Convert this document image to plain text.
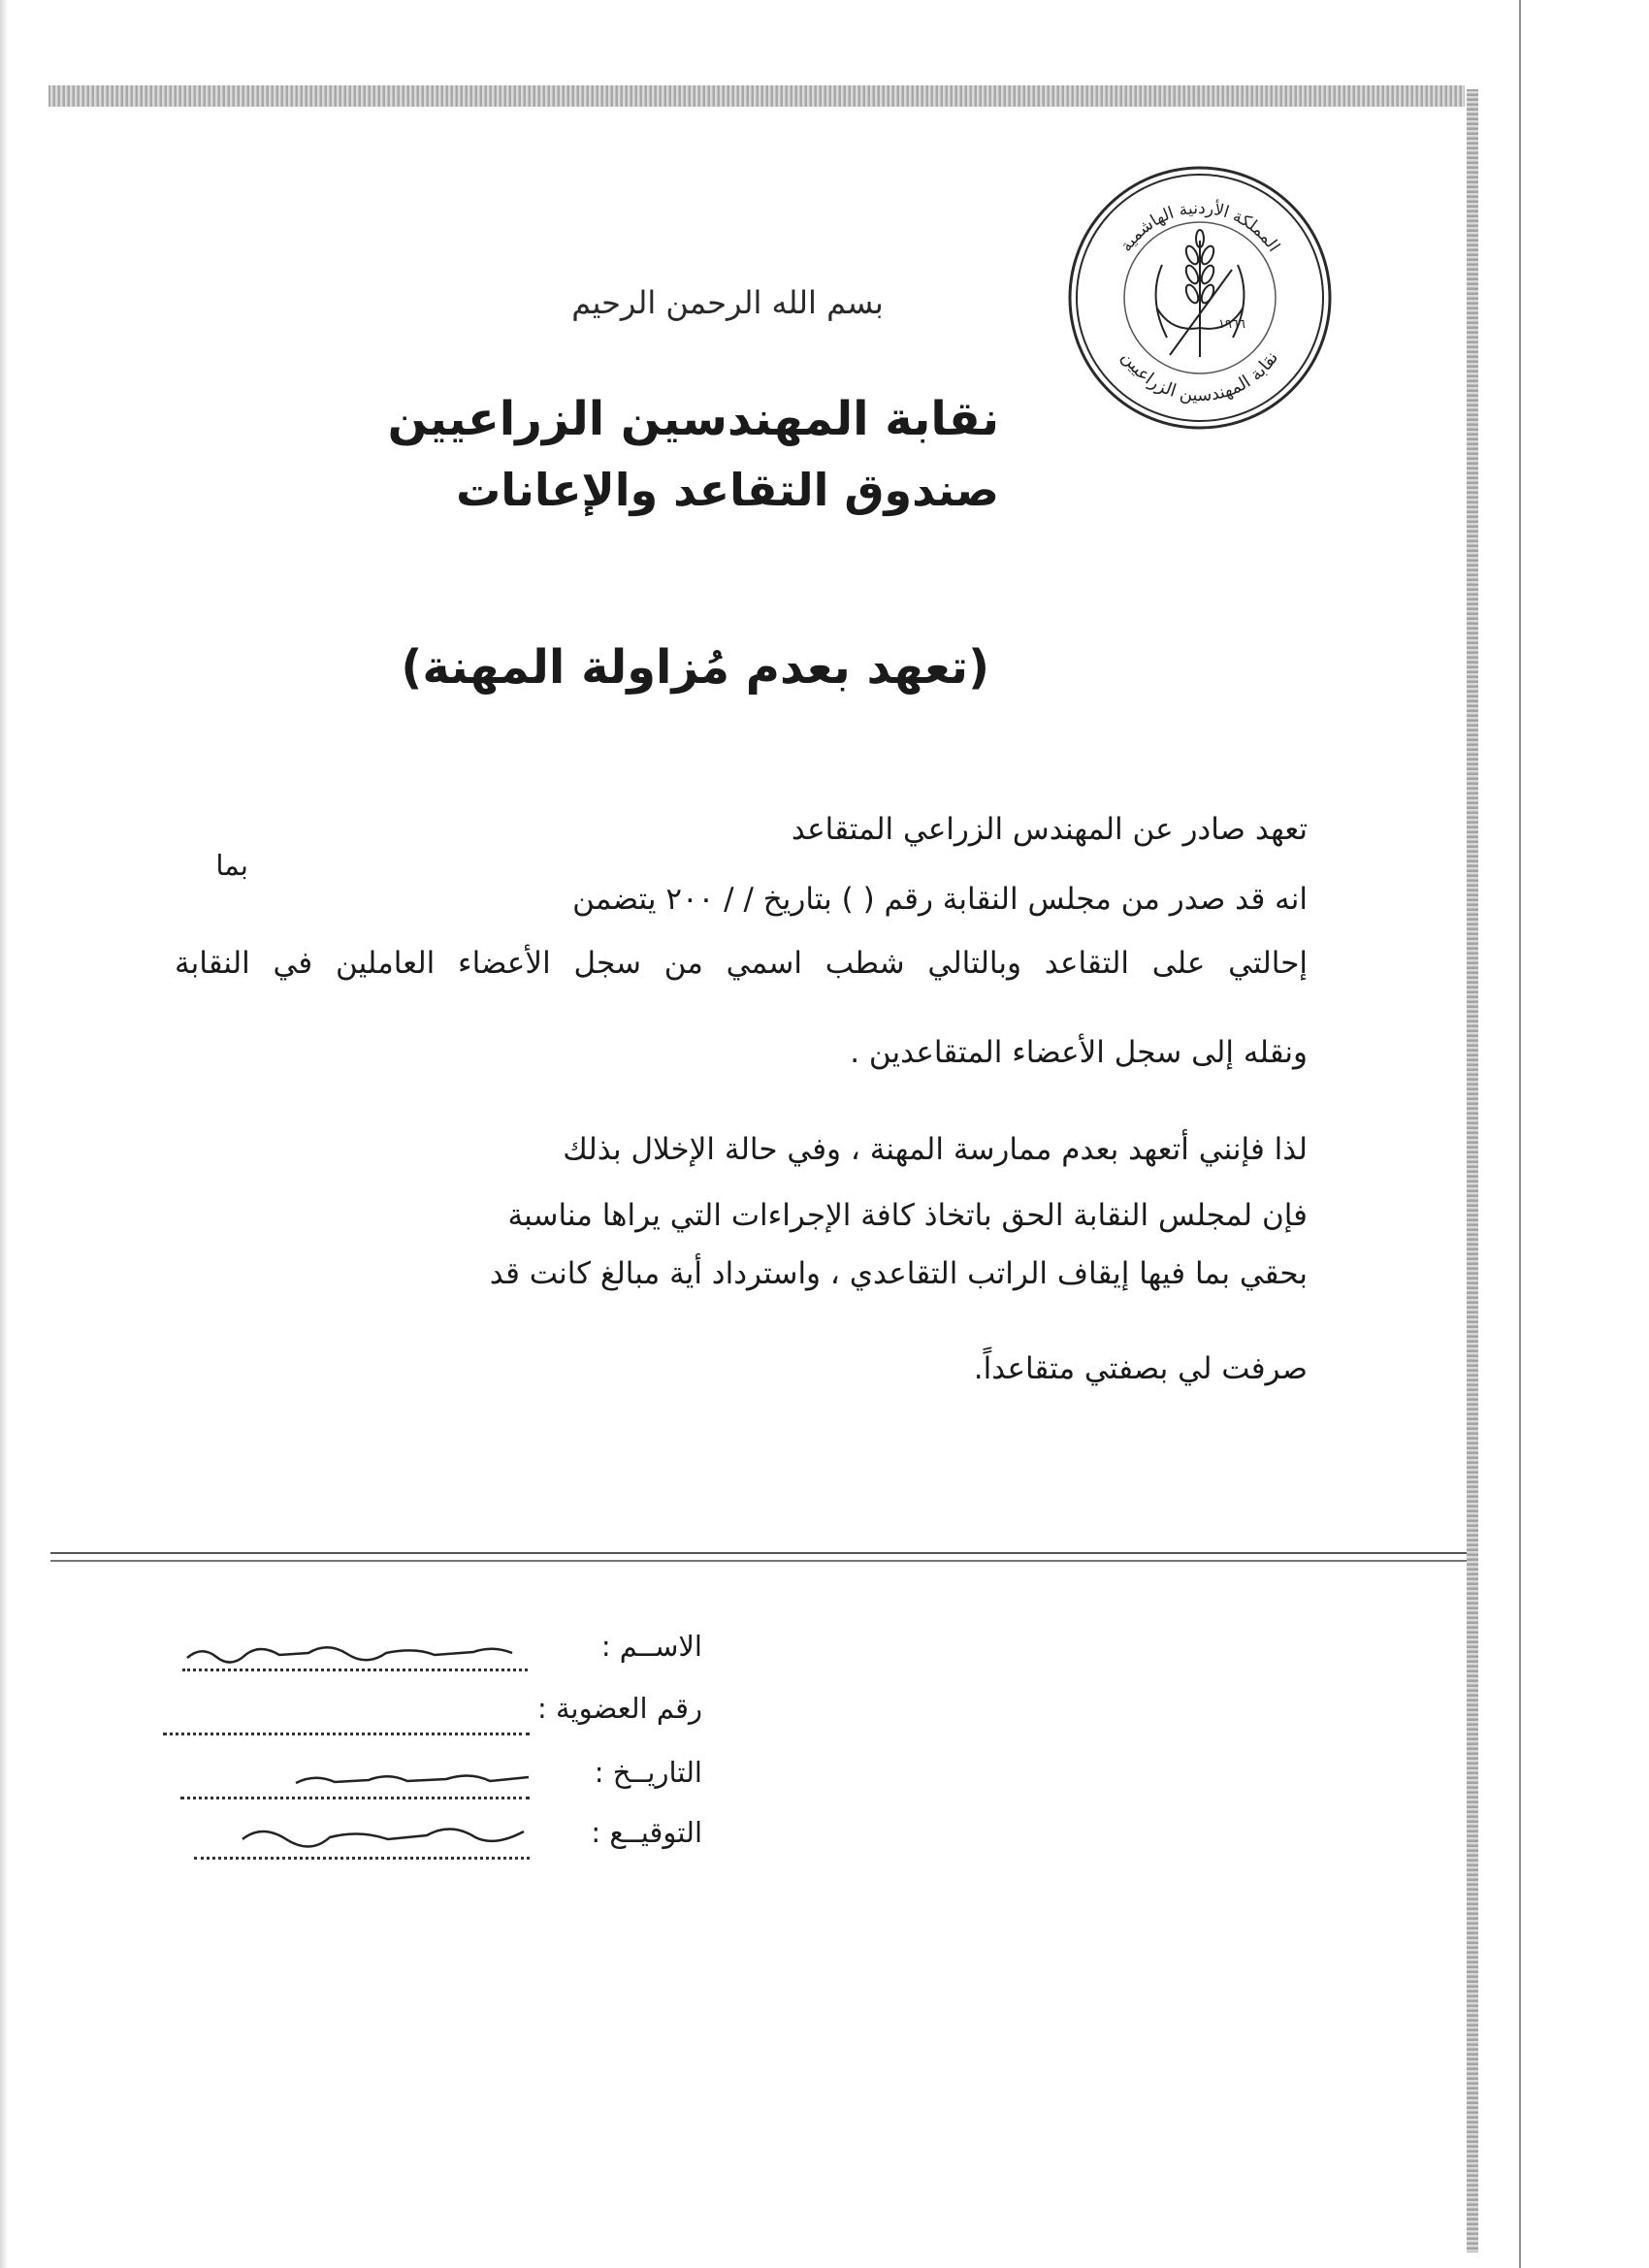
المملكة الأردنية الهاشمية
نقابة المهندسين الزراعيين
١٩٦٦
بسم الله الرحمن الرحيم
نقابة المهندسين الزراعيين
صندوق التقاعد والإعانات
(تعهد بعدم مُزاولة المهنة)
تعهد صادر عن المهندس الزراعي المتقاعد
بما
انه قد صدر من مجلس النقابة رقم ( ) بتاريخ / / ٢٠٠ يتضمن
إحالتي على التقاعد وبالتالي شطب اسمي من سجل الأعضاء العاملين في النقابة
ونقله إلى سجل الأعضاء المتقاعدين .
لذا فإنني أتعهد بعدم ممارسة المهنة ، وفي حالة الإخلال بذلك
فإن لمجلس النقابة الحق باتخاذ كافة الإجراءات التي يراها مناسبة
بحقي بما فيها إيقاف الراتب التقاعدي ، واسترداد أية مبالغ كانت قد
صرفت لي بصفتي متقاعداً.
الاســم :
رقم العضوية :
التاريــخ :
التوقيــع :
